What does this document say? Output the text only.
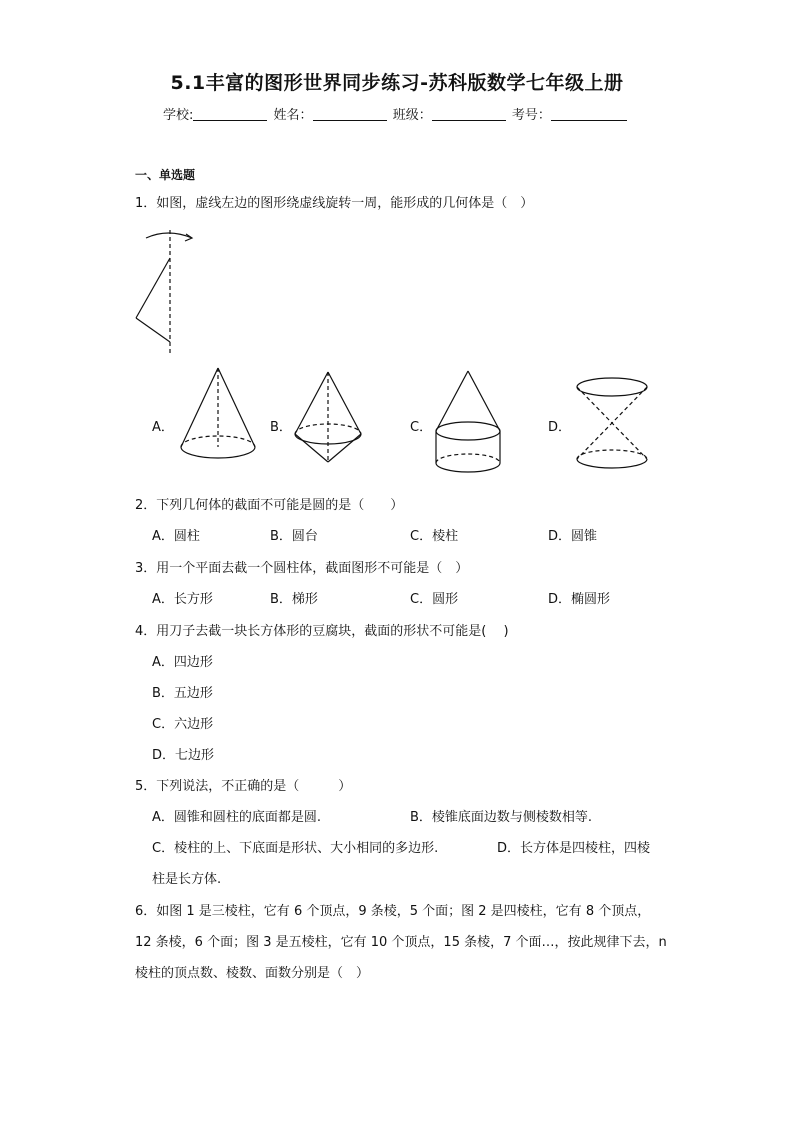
5.1丰富的图形世界同步练习-苏科版数学七年级上册
学校:	姓名：	班级：	考号：
一、单选题
1．如图，虚线左边的图形绕虚线旋转一周，能形成的几何体是（　）
A．	B．	C．	D．
2．下列几何体的截面不可能是圆的是（　　）
A．圆柱	B．圆台	C．棱柱	D．圆锥
3．用一个平面去截一个圆柱体，截面图形不可能是（　）
A．长方形	B．梯形	C．圆形	D．椭圆形
4．用刀子去截一块长方体形的豆腐块，截面的形状不可能是(　 )
A．四边形
B．五边形
C．六边形
D．七边形
5．下列说法，不正确的是（　　　）
A．圆锥和圆柱的底面都是圆.	B．棱锥底面边数与侧棱数相等.
C．棱柱的上、下底面是形状、大小相同的多边形.	D．长方体是四棱柱，四棱
柱是长方体.
6．如图 1 是三棱柱，它有 6 个顶点，9 条棱，5 个面；图 2 是四棱柱，它有 8 个顶点，
12 条棱，6 个面；图 3 是五棱柱，它有 10 个顶点，15 条棱，7 个面…，按此规律下去，n
棱柱的顶点数、棱数、面数分别是（　）
